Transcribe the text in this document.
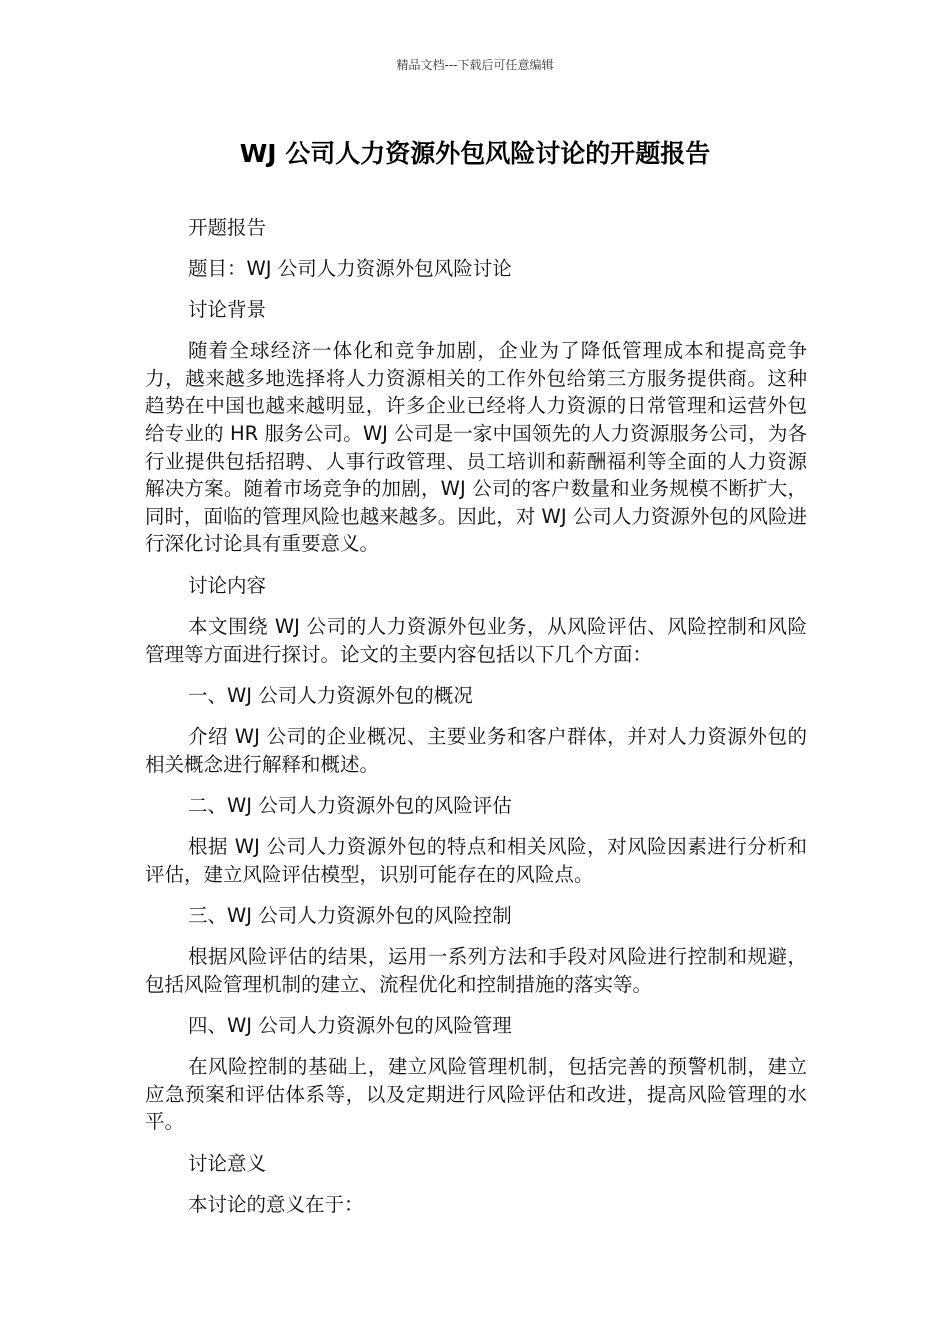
精品文档---下载后可任意编辑
WJ 公司人力资源外包风险讨论的开题报告

开题报告

题目：WJ 公司人力资源外包风险讨论

讨论背景

随着全球经济一体化和竞争加剧，企业为了降低管理成本和提高竞争力，越来越多地选择将人力资源相关的工作外包给第三方服务提供商。这种趋势在中国也越来越明显，许多企业已经将人力资源的日常管理和运营外包给专业的 HR 服务公司。WJ 公司是一家中国领先的人力资源服务公司，为各行业提供包括招聘、人事行政管理、员工培训和薪酬福利等全面的人力资源解决方案。随着市场竞争的加剧，WJ 公司的客户数量和业务规模不断扩大，同时，面临的管理风险也越来越多。因此，对 WJ 公司人力资源外包的风险进行深化讨论具有重要意义。

讨论内容

本文围绕 WJ 公司的人力资源外包业务，从风险评估、风险控制和风险管理等方面进行探讨。论文的主要内容包括以下几个方面：

一、WJ 公司人力资源外包的概况

介绍 WJ 公司的企业概况、主要业务和客户群体，并对人力资源外包的相关概念进行解释和概述。

二、WJ 公司人力资源外包的风险评估

根据 WJ 公司人力资源外包的特点和相关风险，对风险因素进行分析和评估，建立风险评估模型，识别可能存在的风险点。

三、WJ 公司人力资源外包的风险控制

根据风险评估的结果，运用一系列方法和手段对风险进行控制和规避，包括风险管理机制的建立、流程优化和控制措施的落实等。

四、WJ 公司人力资源外包的风险管理

在风险控制的基础上，建立风险管理机制，包括完善的预警机制，建立应急预案和评估体系等，以及定期进行风险评估和改进，提高风险管理的水平。

讨论意义

本讨论的意义在于：
